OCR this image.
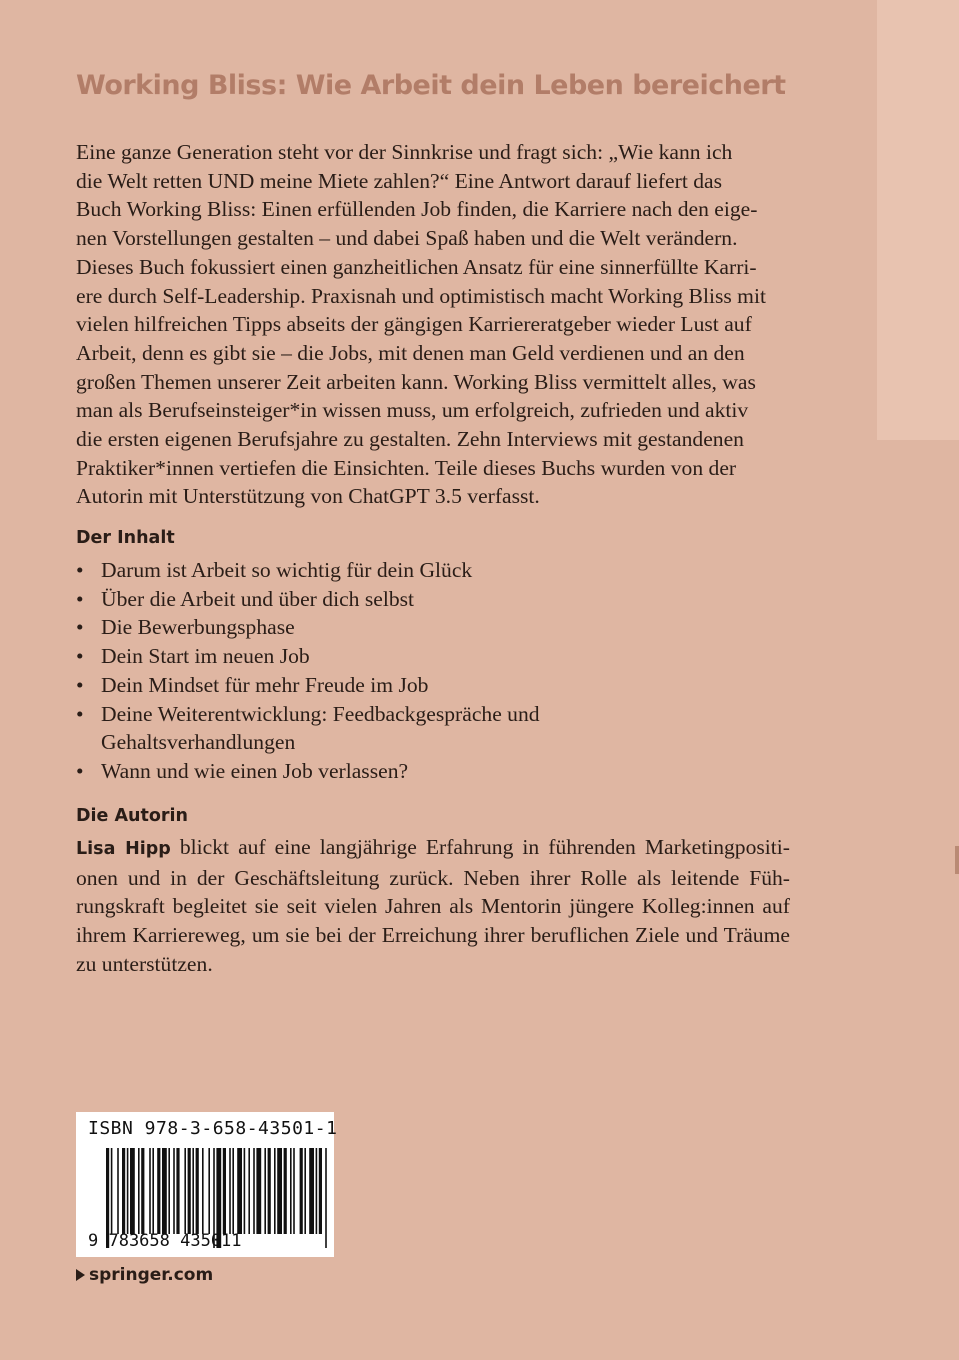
Working Bliss: Wie Arbeit dein Leben bereichert
Eine ganze Generation steht vor der Sinnkrise und fragt sich: „Wie kann ich
die Welt retten UND meine Miete zahlen?“ Eine Antwort darauf liefert das
Buch Working Bliss: Einen erfüllenden Job finden, die Karriere nach den eige-
nen Vorstellungen gestalten – und dabei Spaß haben und die Welt verändern.
Dieses Buch fokussiert einen ganzheitlichen Ansatz für eine sinnerfüllte Karri-
ere durch Self-Leadership. Praxisnah und optimistisch macht Working Bliss mit
vielen hilfreichen Tipps abseits der gängigen Karriereratgeber wieder Lust auf
Arbeit, denn es gibt sie – die Jobs, mit denen man Geld verdienen und an den
großen Themen unserer Zeit arbeiten kann. Working Bliss vermittelt alles, was
man als Berufseinsteiger*in wissen muss, um erfolgreich, zufrieden und aktiv
die ersten eigenen Berufsjahre zu gestalten. Zehn Interviews mit gestandenen
Praktiker*innen vertiefen die Einsichten. Teile dieses Buchs wurden von der
Autorin mit Unterstützung von ChatGPT 3.5 verfasst.
Der Inhalt
• Darum ist Arbeit so wichtig für dein Glück
• Über die Arbeit und über dich selbst
• Die Bewerbungsphase
• Dein Start im neuen Job
• Dein Mindset für mehr Freude im Job
• Deine Weiterentwicklung: Feedbackgespräche und Gehaltsverhandlungen
• Wann und wie einen Job verlassen?
Die Autorin
Lisa Hipp blickt auf eine langjährige Erfahrung in führenden Marketingpositionen und in der Geschäftsleitung zurück. Neben ihrer Rolle als leitende Führungskraft begleitet sie seit vielen Jahren als Mentorin jüngere Kolleg:innen auf ihrem Karriereweg, um sie bei der Erreichung ihrer beruflichen Ziele und Träume zu unterstützen.
ISBN 978-3-658-43501-1
9 783658 435011
springer.com
